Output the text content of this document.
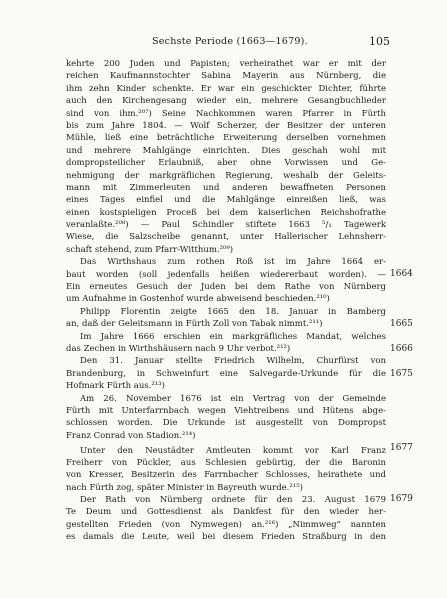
Sechste Periode (1663—1679).	105
kehrte 200 Juden und Papisten; verheirathet war er mit der
reichen Kaufmannstochter Sabina Mayerin aus Nürnberg, die
ihm zehn Kinder schenkte. Er war ein geschickter Dichter, führte
auch den Kirchengesang wieder ein, mehrere Gesangbuchlieder
sind von ihm.²⁰⁷) Seine Nachkommen waren Pfarrer in Fürth
bis zum Jahre 1804. — Wolf Scherzer, der Besitzer der unteren
Mühle, ließ eine beträchtliche Erweiterung derselben vornehmen
und mehrere Mahlgänge einrichten. Dies geschah wohl mit
dompropsteilicher Erlaubniß, aber ohne Vorwissen und Ge-
nehmigung der markgräflichen Regierung, weshalb der Geleits-
mann mit Zimmerleuten und anderen bewaffneten Personen
eines Tages einfiel und die Mahlgänge einreißen ließ, was
einen kostspieligen Proceß bei dem kaiserlichen Reichshofrathe
veranlaßte.²⁰⁸) — Paul Schindler stiftete 1663 ⁵/₁ Tagewerk
Wiese, die Salzscheibe genannt, unter Hallerischer Lehnsherr-
schaft stehend, zum Pfarr-Witthum.²⁰⁹)
Das Wirthshaus zum rothen Roß ist im Jahre 1664 er-
baut worden (soll jedenfalls heißen wiedererbaut worden). —
Ein erneutes Gesuch der Juden bei dem Rathe von Nürnberg
um Aufnahme in Gostenhof wurde abweisend beschieden.²¹⁰)
Philipp Florentin zeigte 1665 den 18. Januar in Bamberg
an, daß der Geleitsmann in Fürth Zoll von Tabak nimmt.²¹¹)
Im Jahre 1666 erschien ein markgräfliches Mandat, welches
das Zechen in Wirthshäusern nach 9 Uhr verbot.²¹²)
Den 31. Januar stellte Friedrich Wilhelm, Churfürst von
Brandenburg, in Schweinfurt eine Salvegarde-Urkunde für die
Hofmark Fürth aus.²¹³)
Am 26. November 1676 ist ein Vertrag von der Gemeinde
Fürth mit Unterfarrnbach wegen Viehtreibens und Hütens abge-
schlossen worden. Die Urkunde ist ausgestellt von Dompropst
Franz Conrad von Stadion.²¹⁴)
Unter den Neustädter Amtleuten kommt vor Karl Franz
Freiherr von Pückler, aus Schlesien gebürtig, der die Baronin
von Kresser, Besitzerin des Farrnbacher Schlosses, heirathete und
nach Fürth zog, später Minister in Bayreuth wurde.²¹⁵)
Der Rath von Nürnberg ordnete für den 23. August 1679
Te Deum und Gottesdienst als Dankfest für den wieder her-
gestellten Frieden (von Nymwegen) an.²¹⁶) „Nimmweg“ nannten
es damals die Leute, weil bei diesem Frieden Straßburg in den
1664
1665
1666
1675
1677
1679
